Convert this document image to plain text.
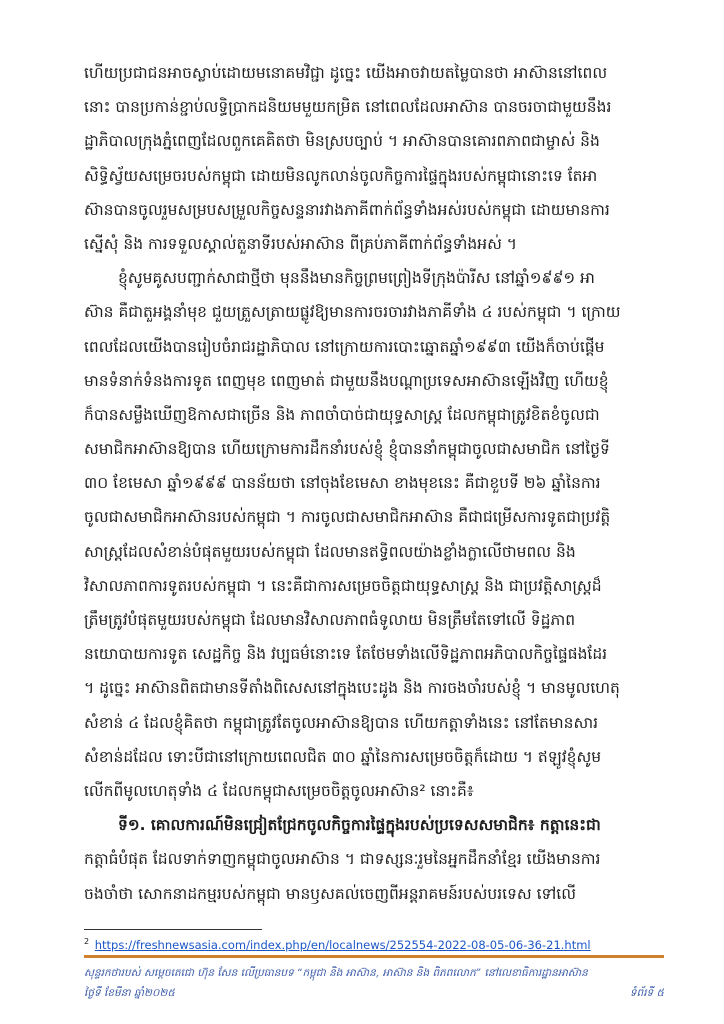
ហើយប្រជាជនអាចស្លាប់ដោយមនោគមវិជ្ជា ដូច្នេះ យើងអាចវាយតម្លៃបានថា អាស៊ាននៅពេល
នោះ បានប្រកាន់ខ្ជាប់លទ្ធិប្រាកដនិយមមួយកម្រិត នៅពេលដែលអាស៊ាន បានចរចាជាមួយនឹងរ
ដ្ឋាភិបាលក្រុងភ្នំពេញដែលពួកគេគិតថា មិនស្របច្បាប់ ។ អាស៊ានបានគោរពភាពជាម្ចាស់ និង
សិទ្ធិស្វ័យសម្រេចរបស់កម្ពុជា ដោយមិនលូកលាន់ចូលកិច្ចការផ្ទៃក្នុងរបស់កម្ពុជានោះទេ តែអា
ស៊ានបានចូលរួមសម្របសម្រួលកិច្ចសន្ទនារវាងភាគីពាក់ព័ន្ធទាំងអស់របស់កម្ពុជា ដោយមានការ
ស្នើសុំ និង ការទទួលស្គាល់តួនាទីរបស់អាស៊ាន ពីគ្រប់ភាគីពាក់ព័ន្ធទាំងអស់ ។
ខ្ញុំសូមគូសបញ្ជាក់សាជាថ្មីថា មុននឹងមានកិច្ចព្រមព្រៀងទីក្រុងប៉ារីស នៅឆ្នាំ១៩៩១ អា
ស៊ាន គឺជាតួអង្គនាំមុខ ជួយត្រួសត្រាយផ្លូវឱ្យមានការចរចារវាងភាគីទាំង ៤ របស់កម្ពុជា ។ ក្រោយ
ពេលដែលយើងបានរៀបចំរាជរដ្ឋាភិបាល នៅក្រោយការបោះឆ្នោតឆ្នាំ១៩៩៣ យើងក៏ចាប់ផ្តើម
មានទំនាក់ទំនងការទូត ពេញមុខ ពេញមាត់ ជាមួយនឹងបណ្តាប្រទេសអាស៊ានឡើងវិញ ហើយខ្ញុំ
ក៏បានសម្លឹងឃើញឱកាសជាច្រើន និង ភាពចាំបាច់ជាយុទ្ធសាស្ត្រ ដែលកម្ពុជាត្រូវខិតខំចូលជា
សមាជិកអាស៊ានឱ្យបាន ហើយក្រោមការដឹកនាំរបស់ខ្ញុំ ខ្ញុំបាននាំកម្ពុជាចូលជាសមាជិក នៅថ្ងៃទី
៣០ ខែមេសា ឆ្នាំ១៩៩៩ បានន័យថា នៅចុងខែមេសា ខាងមុខនេះ គឺជាខួបទី ២៦ ឆ្នាំនៃការ
ចូលជាសមាជិកអាស៊ានរបស់កម្ពុជា ។ ការចូលជាសមាជិកអាស៊ាន គឺជាជម្រើសការទូតជាប្រវត្តិ
សាស្ត្រដែលសំខាន់បំផុតមួយរបស់កម្ពុជា ដែលមានឥទ្ធិពលយ៉ាងខ្លាំងក្លាលើថាមពល និង
វិសាលភាពការទូតរបស់កម្ពុជា ។ នេះគឺជាការសម្រេចចិត្តជាយុទ្ធសាស្ត្រ និង ជាប្រវត្តិសាស្ត្រដ៏
ត្រឹមត្រូវបំផុតមួយរបស់កម្ពុជា ដែលមានវិសាលភាពធំទូលាយ មិនត្រឹមតែទៅលើ ទិដ្ឋភាព
នយោបាយការទូត សេដ្ឋកិច្ច និង វប្បធម៌នោះទេ តែថែមទាំងលើទិដ្ឋភាពអភិបាលកិច្ចផ្ទៃផងដែរ
។ ដូច្នេះ អាស៊ានពិតជាមានទីតាំងពិសេសនៅក្នុងបេះដូង និង ការចងចាំរបស់ខ្ញុំ ។ មានមូលហេតុ
សំខាន់ ៤ ដែលខ្ញុំគិតថា កម្ពុជាត្រូវតែចូលអាស៊ានឱ្យបាន ហើយកត្តាទាំងនេះ នៅតែមានសារ
សំខាន់ដដែល ទោះបីជានៅក្រោយពេលជិត ៣០ ឆ្នាំនៃការសម្រេចចិត្តក៏ដោយ ។ ឥឡូវខ្ញុំសូម
លើកពីមូលហេតុទាំង ៤ ដែលកម្ពុជាសម្រេចចិត្តចូលអាស៊ាន² នោះគឺ៖
ទី១. គោលការណ៍មិនជ្រៀតជ្រែកចូលកិច្ចការផ្ទៃក្នុងរបស់ប្រទេសសមាជិក៖ កត្តានេះជា
កត្តាធំបំផុត ដែលទាក់ទាញកម្ពុជាចូលអាស៊ាន ។ ជាទស្សនៈរួមនៃអ្នកដឹកនាំខ្មែរ យើងមានការ
ចងចាំថា សោកនាដកម្មរបស់កម្ពុជា មានឫសគល់ចេញពីអន្តរាគមន៍របស់បរទេស ទៅលើ
$^2$ https://freshnewsasia.com/index.php/en/localnews/252554-2022-08-05-06-36-21.html
សុន្ទរកថារបស់ សម្តេចតេជោ ហ៊ុន សែន លើប្រធានបទ “កម្ពុជា និង អាស៊ាន, អាស៊ាន និង ពិភពលោក” នៅលេខាធិការដ្ឋានអាស៊ាន
ថ្ងៃទី ខែមីនា ឆ្នាំ២០២៥	ទំព័រទី ៥
